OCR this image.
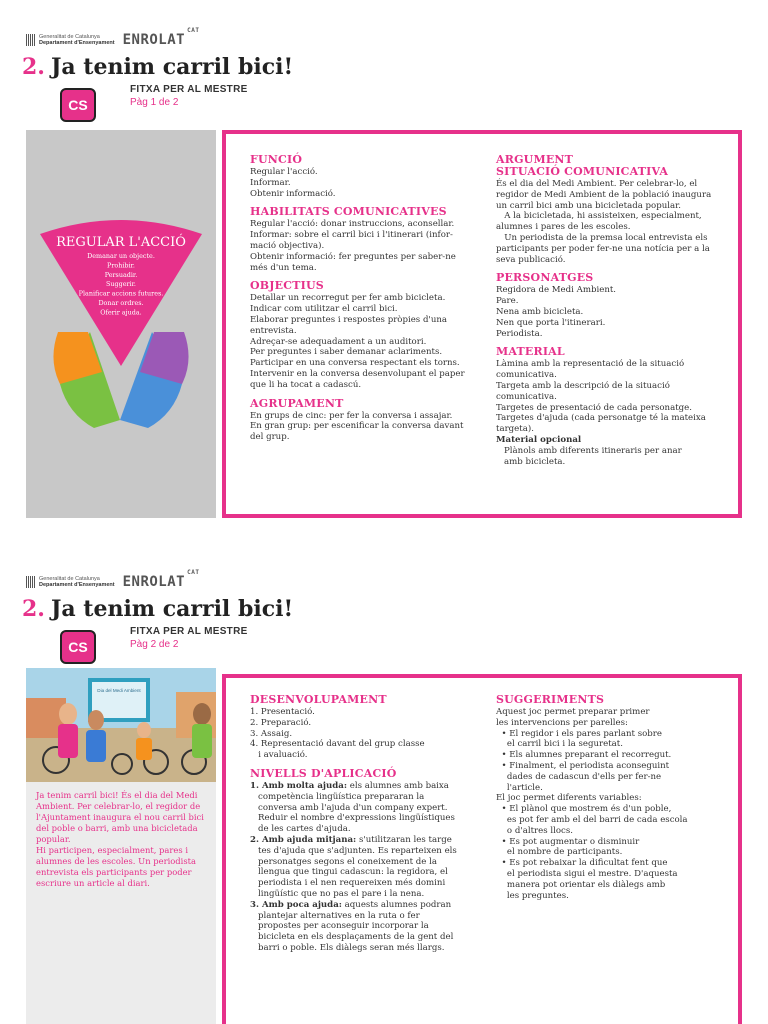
Generalitat de Catalunya
Departament d'Ensenyament $ENROLAT^{CAT}$
2. Ja tenim carril bici!
CS
FITXA PER AL MESTRE
Pàg 1 de 2
REGULAR L'ACCIÓ
Demanar un objecte.
Prohibir.
Persuadir.
Suggerir.
Planificar accions futures.
Donar ordres.
Oferir ajuda.
FUNCIÓ

Regular l'acció.

Informar.

Obtenir informació.

HABILITATS COMUNICATIVES

Regular l'acció: donar instruccions, aconsellar.

Informar: sobre el carril bici i l'itinerari (infor-

mació objectiva).

Obtenir informació: fer preguntes per saber-ne

més d'un tema.

OBJECTIUS

Detallar un recorregut per fer amb bicicleta.

Indicar com utilitzar el carril bici.

Elaborar preguntes i respostes pròpies d'una

entrevista.

Adreçar-se adequadament a un auditori.

Per preguntes i saber demanar aclariments.

Participar en una conversa respectant els torns.

Intervenir en la conversa desenvolupant el paper

que li ha tocat a cadascú.

AGRUPAMENT

En grups de cinc: per fer la conversa i assajar.

En gran grup: per escenificar la conversa davant

del grup.

ARGUMENT
SITUACIÓ COMUNICATIVA

És el dia del Medi Ambient. Per celebrar-lo, el

regidor de Medi Ambient de la població inaugura

un carril bici amb una bicicletada popular.

A la bicicletada, hi assisteixen, especialment,

alumnes i pares de les escoles.

Un periodista de la premsa local entrevista els

participants per poder fer-ne una notícia per a la

seva publicació.

PERSONATGES

Regidora de Medi Ambient.

Pare.

Nena amb bicicleta.

Nen que porta l'itinerari.

Periodista.

MATERIAL

Làmina amb la representació de la situació

comunicativa.

Targeta amb la descripció de la situació

comunicativa.

Targetes de presentació de cada personatge.

Targetes d'ajuda (cada personatge té la mateixa

targeta).

Material opcional

Plànols amb diferents itineraris per anar

amb bicicleta.

Generalitat de Catalunya
Departament d'Ensenyament $ENROLAT^{CAT}$
2. Ja tenim carril bici!
CS
FITXA PER AL MESTRE
Pàg 2 de 2
Dia del Medi Ambient

Ja tenim carril bici! És el dia del Medi Ambient. Per celebrar-lo, el regidor de l'Ajuntament inaugura el nou carril bici del poble o barri, amb una bicicletada popular.

Hi participen, especialment, pares i alumnes de les escoles. Un periodista entrevista els participants per poder escriure un article al diari.

DESENVOLUPAMENT

1. Presentació.

2. Preparació.

3. Assaig.

4. Representació davant del grup classe

i avaluació.

NIVELLS D'APLICACIÓ

1. Amb molta ajuda: els alumnes amb baixa

competència lingüística prepararan la

conversa amb l'ajuda d'un company expert.

Reduir el nombre d'expressions lingüístiques

de les cartes d'ajuda.

2. Amb ajuda mitjana: s'utilitzaran les targe

tes d'ajuda que s'adjunten. Es reparteixen els

personatges segons el coneixement de la

llengua que tingui cadascun: la regidora, el

periodista i el nen requereixen més domini

lingüístic que no pas el pare i la nena.

3. Amb poca ajuda: aquests alumnes podran

plantejar alternatives en la ruta o fer

propostes per aconseguir incorporar la

bicicleta en els desplaçaments de la gent del

barri o poble. Els diàlegs seran més llargs.

SUGGERIMENTS

Aquest joc permet preparar primer

les intervencions per parelles:

• El regidor i els pares parlant sobre

el carril bici i la seguretat.

• Els alumnes preparant el recorregut.

• Finalment, el periodista aconseguint

dades de cadascun d'ells per fer-ne

l'article.

El joc permet diferents variables:

• El plànol que mostrem és d'un poble,

es pot fer amb el del barri de cada escola

o d'altres llocs.

• Es pot augmentar o disminuir

el nombre de participants.

• Es pot rebaixar la dificultat fent que

el periodista sigui el mestre. D'aquesta

manera pot orientar els diàlegs amb

les preguntes.
